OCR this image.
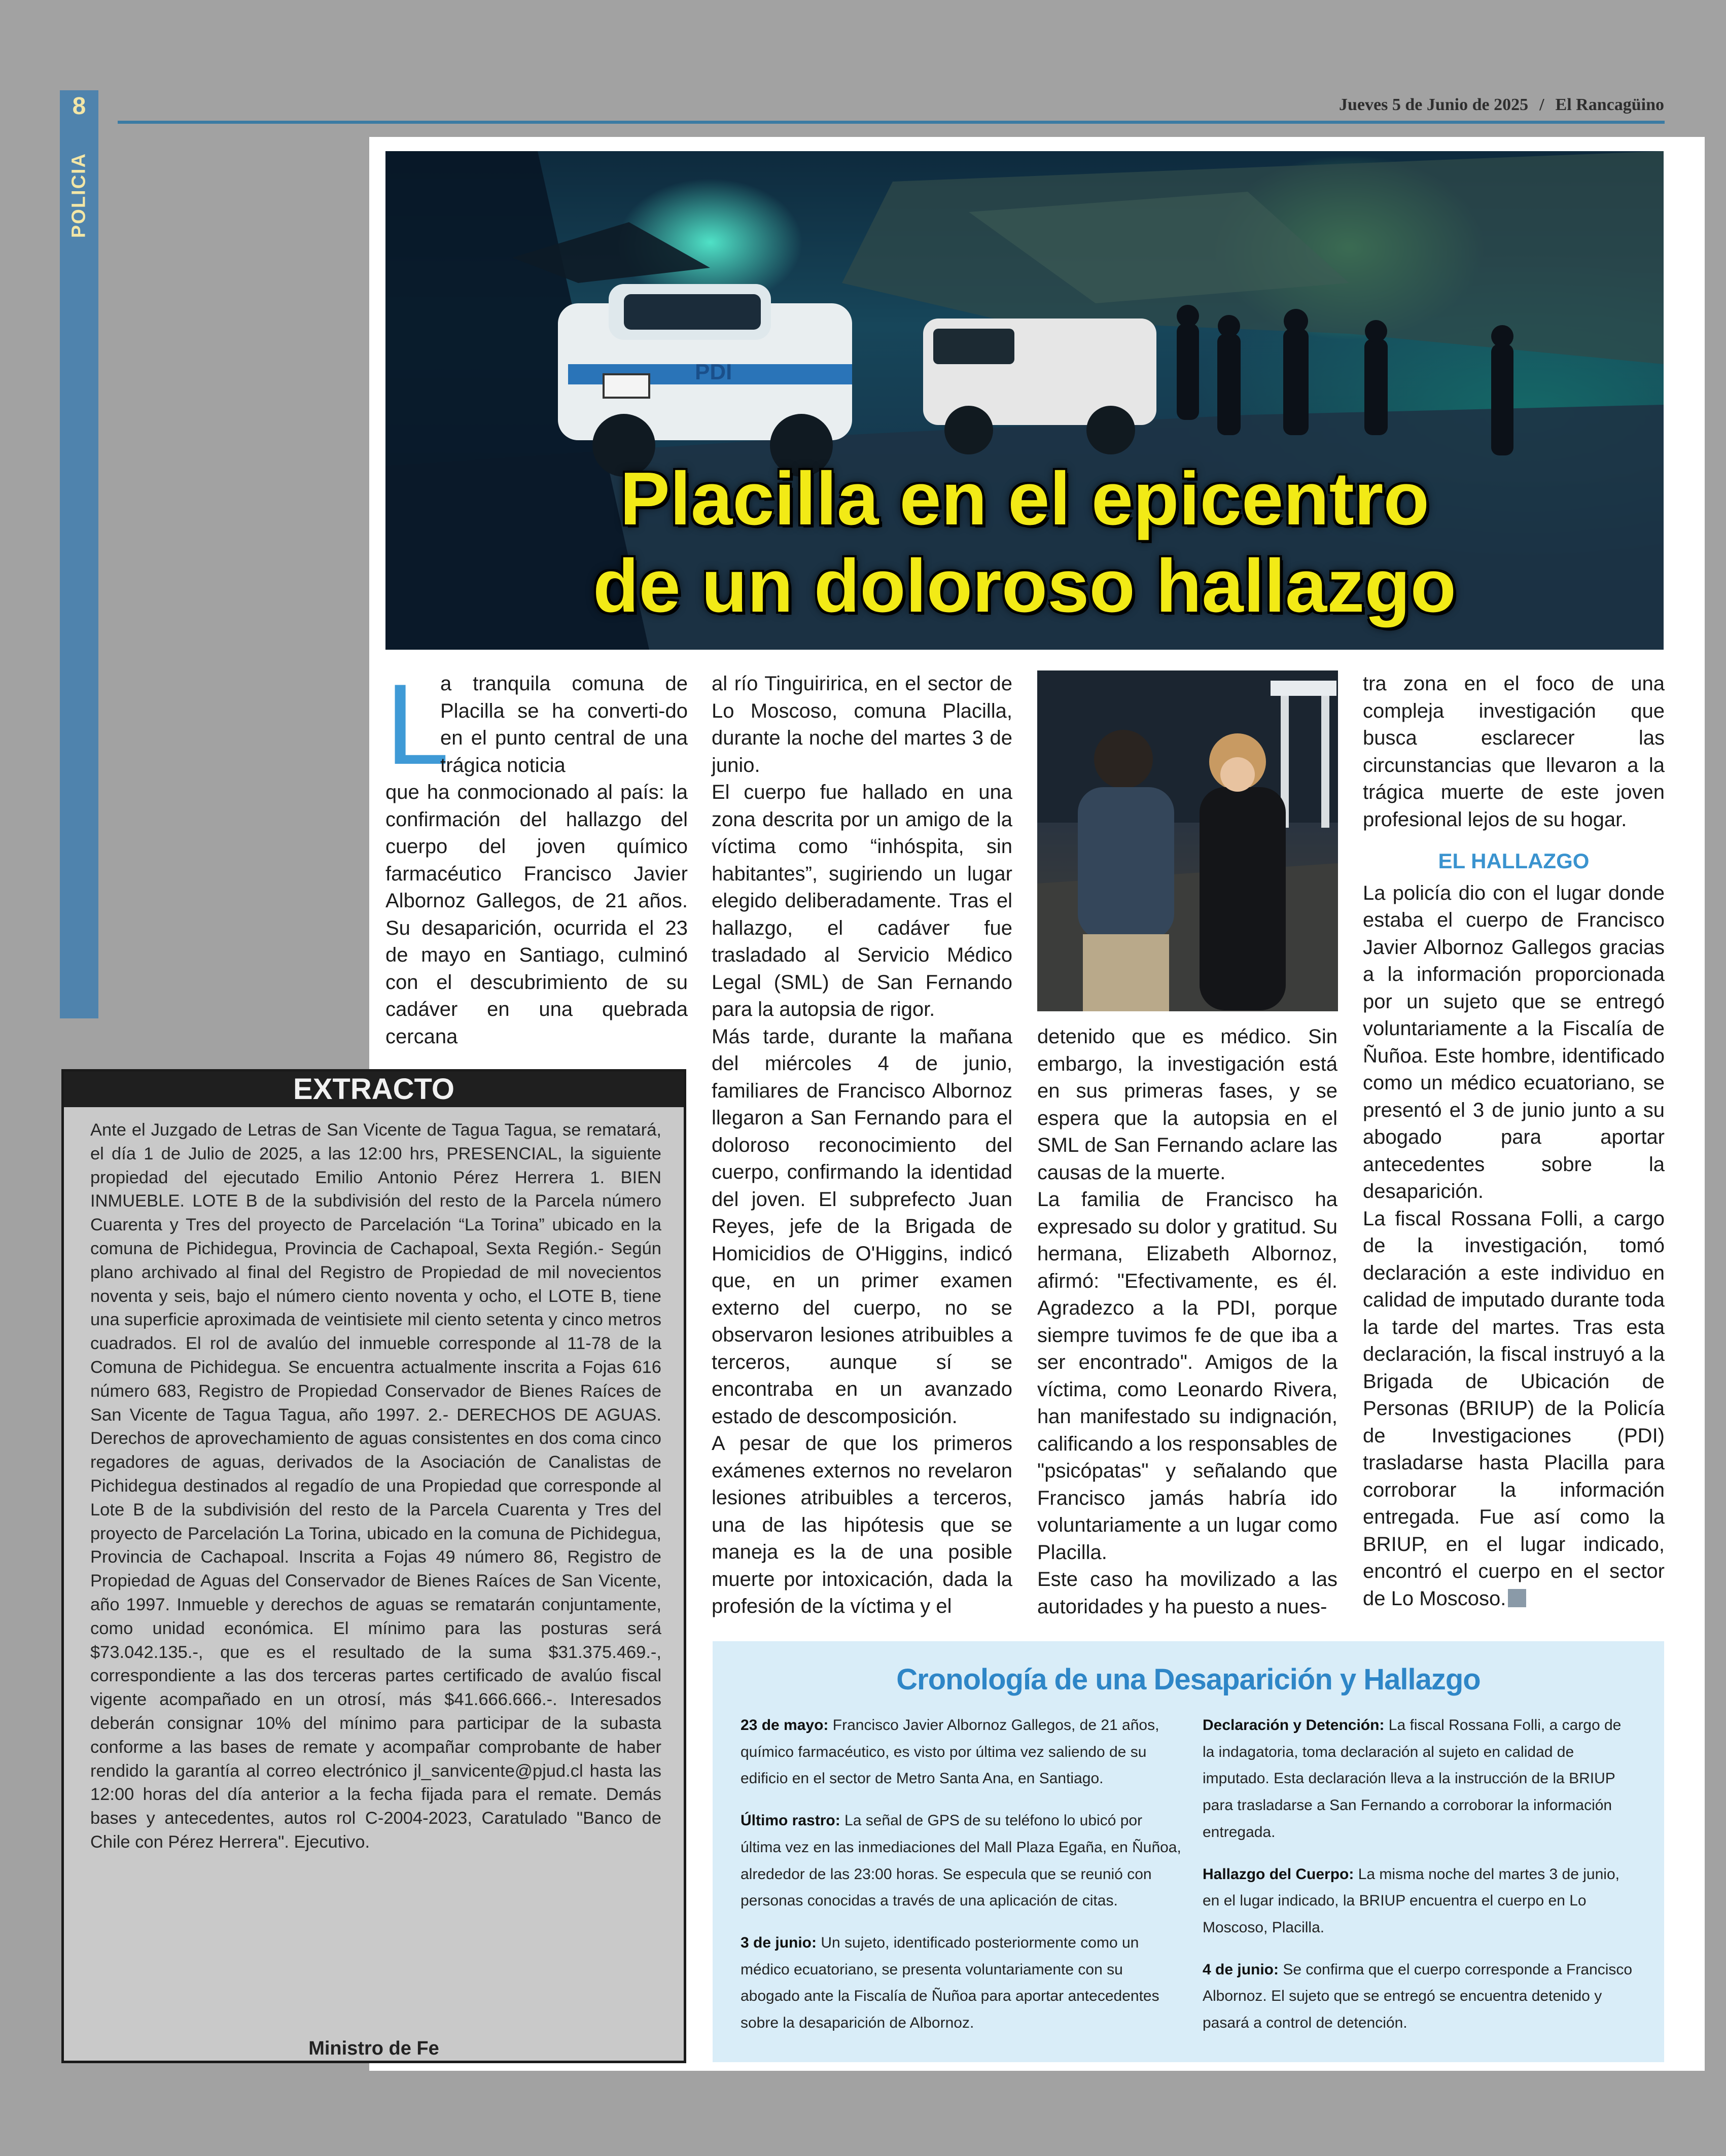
8
POLICIA
Jueves 5 de Junio de 2025 / El Rancagüino
PDI
Placilla en el epicentro
de un doloroso hallazgo
L

a tranquila comuna de Placilla se ha converti-do en el punto central de una trágica noticia

que ha conmocionado al país: la confirmación del hallazgo del cuerpo del joven químico farmacéutico Francisco Javier Albornoz Gallegos, de 21 años. Su desaparición, ocurrida el 23 de mayo en Santiago, culminó con el descubrimiento de su cadáver en una quebrada cercana

al río Tinguiririca, en el sector de Lo Moscoso, comuna Placilla, durante la noche del martes 3 de junio.

El cuerpo fue hallado en una zona descrita por un amigo de la víctima como “inhóspita, sin habitantes”, sugiriendo un lugar elegido deliberadamente. Tras el hallazgo, el cadáver fue trasladado al Servicio Médico Legal (SML) de San Fernando para la autopsia de rigor.

Más tarde, durante la mañana del miércoles 4 de junio, familiares de Francisco Albornoz llegaron a San Fernando para el doloroso reconocimiento del cuerpo, confirmando la identidad del joven. El subprefecto Juan Reyes, jefe de la Brigada de Homicidios de O'Higgins, indicó que, en un primer examen externo del cuerpo, no se observaron lesiones atribuibles a terceros, aunque sí se encontraba en un avanzado estado de descomposición.

A pesar de que los primeros exámenes externos no revelaron lesiones atribuibles a terceros, una de las hipótesis que se maneja es la de una posible muerte por intoxicación, dada la profesión de la víctima y el

detenido que es médico. Sin embargo, la investigación está en sus primeras fases, y se espera que la autopsia en el SML de San Fernando aclare las causas de la muerte.

La familia de Francisco ha expresado su dolor y gratitud. Su hermana, Elizabeth Albornoz, afirmó: "Efectivamente, es él. Agradezco a la PDI, porque siempre tuvimos fe de que iba a ser encontrado". Amigos de la víctima, como Leonardo Rivera, han manifestado su indignación, calificando a los responsables de "psicópatas" y señalando que Francisco jamás habría ido voluntariamente a un lugar como Placilla.

Este caso ha movilizado a las autoridades y ha puesto a nues-

tra zona en el foco de una compleja investigación que busca esclarecer las circunstancias que llevaron a la trágica muerte de este joven profesional lejos de su hogar.

EL HALLAZGO

La policía dio con el lugar donde estaba el cuerpo de Francisco Javier Albornoz Gallegos gracias a la información proporcionada por un sujeto que se entregó voluntariamente a la Fiscalía de Ñuñoa. Este hombre, identificado como un médico ecuatoriano, se presentó el 3 de junio junto a su abogado para aportar antecedentes sobre la desaparición.

La fiscal Rossana Folli, a cargo de la investigación, tomó declaración a este individuo en calidad de imputado durante toda la tarde del martes. Tras esta declaración, la fiscal instruyó a la Brigada de Ubicación de Personas (BRIUP) de la Policía de Investigaciones (PDI) trasladarse hasta Placilla para corroborar la información entregada. Fue así como la BRIUP, en el lugar indicado, encontró el cuerpo en el sector de Lo Moscoso.

EXTRACTO
Ante el Juzgado de Letras de San Vicente de Tagua Tagua, se rematará, el día 1 de Julio de 2025, a las 12:00 hrs, PRESENCIAL, la siguiente propiedad del ejecutado Emilio Antonio Pérez Herrera 1. BIEN INMUEBLE. LOTE B de la subdivisión del resto de la Parcela número Cuarenta y Tres del proyecto de Parcelación “La Torina” ubicado en la comuna de Pichidegua, Provincia de Cachapoal, Sexta Región.- Según plano archivado al final del Registro de Propiedad de mil novecientos noventa y seis, bajo el número ciento noventa y ocho, el LOTE B, tiene una superficie aproximada de veintisiete mil ciento setenta y cinco metros cuadrados. El rol de avalúo del inmueble corresponde al 11-78 de la Comuna de Pichidegua. Se encuentra actualmente inscrita a Fojas 616 número 683, Registro de Propiedad Conservador de Bienes Raíces de San Vicente de Tagua Tagua, año 1997. 2.- DERECHOS DE AGUAS. Derechos de aprovechamiento de aguas consistentes en dos coma cinco regadores de aguas, derivados de la Asociación de Canalistas de Pichidegua destinados al regadío de una Propiedad que corresponde al Lote B de la subdivisión del resto de la Parcela Cuarenta y Tres del proyecto de Parcelación La Torina, ubicado en la comuna de Pichidegua, Provincia de Cachapoal. Inscrita a Fojas 49 número 86, Registro de Propiedad de Aguas del Conservador de Bienes Raíces de San Vicente, año 1997. Inmueble y derechos de aguas se rematarán conjuntamente, como unidad económica. El mínimo para las posturas será $73.042.135.-, que es el resultado de la suma $31.375.469.-, correspondiente a las dos terceras partes certificado de avalúo fiscal vigente acompañado en un otrosí, más $41.666.666.-. Interesados deberán consignar 10% del mínimo para participar de la subasta conforme a las bases de remate y acompañar comprobante de haber rendido la garantía al correo electrónico jl_sanvicente@pjud.cl hasta las 12:00 horas del día anterior a la fecha fijada para el remate. Demás bases y antecedentes, autos rol C-2004-2023, Caratulado "Banco de Chile con Pérez Herrera". Ejecutivo.
Ministro de Fe
Cronología de una Desaparición y Hallazgo

23 de mayo: Francisco Javier Albornoz Gallegos, de 21 años, químico farmacéutico, es visto por última vez saliendo de su edificio en el sector de Metro Santa Ana, en Santiago.

Último rastro: La señal de GPS de su teléfono lo ubicó por última vez en las inmediaciones del Mall Plaza Egaña, en Ñuñoa, alrededor de las 23:00 horas. Se especula que se reunió con personas conocidas a través de una aplicación de citas.

3 de junio: Un sujeto, identificado posteriormente como un médico ecuatoriano, se presenta voluntariamente con su abogado ante la Fiscalía de Ñuñoa para aportar antecedentes sobre la desaparición de Albornoz.

Declaración y Detención: La fiscal Rossana Folli, a cargo de la indagatoria, toma declaración al sujeto en calidad de imputado. Esta declaración lleva a la instrucción de la BRIUP para trasladarse a San Fernando a corroborar la información entregada.

Hallazgo del Cuerpo: La misma noche del martes 3 de junio, en el lugar indicado, la BRIUP encuentra el cuerpo en Lo Moscoso, Placilla.

4 de junio: Se confirma que el cuerpo corresponde a Francisco Albornoz. El sujeto que se entregó se encuentra detenido y pasará a control de detención.
